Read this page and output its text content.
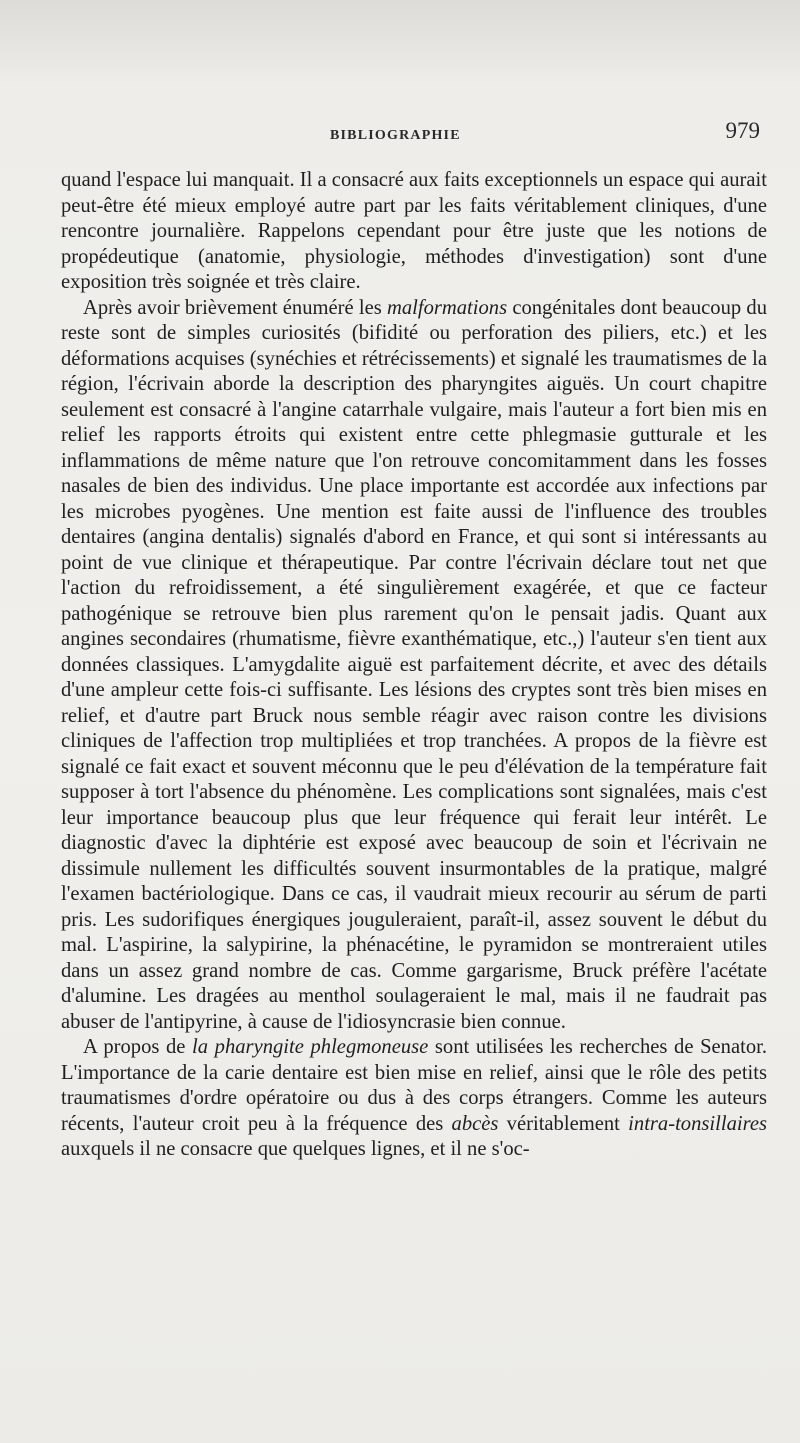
BIBLIOGRAPHIE	979

quand l'espace lui manquait. Il a consacré aux faits exceptionnels un espace qui aurait peut-être été mieux employé autre part par les faits véritablement cliniques, d'une rencontre journalière. Rappelons cependant pour être juste que les notions de propédeutique (anatomie, physiologie, méthodes d'investigation) sont d'une exposition très soignée et très claire.

Après avoir brièvement énuméré les malformations congénitales dont beaucoup du reste sont de simples curiosités (bifidité ou perforation des piliers, etc.) et les déformations acquises (synéchies et rétrécissements) et signalé les traumatismes de la région, l'écrivain aborde la description des pharyngites aiguës. Un court chapitre seulement est consacré à l'angine catarrhale vulgaire, mais l'auteur a fort bien mis en relief les rapports étroits qui existent entre cette phlegmasie gutturale et les inflammations de même nature que l'on retrouve concomitamment dans les fosses nasales de bien des individus. Une place importante est accordée aux infections par les microbes pyogènes. Une mention est faite aussi de l'influence des troubles dentaires (angina dentalis) signalés d'abord en France, et qui sont si intéressants au point de vue clinique et thérapeutique. Par contre l'écrivain déclare tout net que l'action du refroidissement, a été singulièrement exagérée, et que ce facteur pathogénique se retrouve bien plus rarement qu'on le pensait jadis. Quant aux angines secondaires (rhumatisme, fièvre exanthématique, etc.,) l'auteur s'en tient aux données classiques. L'amygdalite aiguë est parfaitement décrite, et avec des détails d'une ampleur cette fois-ci suffisante. Les lésions des cryptes sont très bien mises en relief, et d'autre part Bruck nous semble réagir avec raison contre les divisions cliniques de l'affection trop multipliées et trop tranchées. A propos de la fièvre est signalé ce fait exact et souvent méconnu que le peu d'élévation de la température fait supposer à tort l'absence du phénomène. Les complications sont signalées, mais c'est leur importance beaucoup plus que leur fréquence qui ferait leur intérêt. Le diagnostic d'avec la diphtérie est exposé avec beaucoup de soin et l'écrivain ne dissimule nullement les difficultés souvent insurmontables de la pratique, malgré l'examen bactériologique. Dans ce cas, il vaudrait mieux recourir au sérum de parti pris. Les sudorifiques énergiques jouguleraient, paraît-il, assez souvent le début du mal. L'aspirine, la salypirine, la phénacétine, le pyramidon se montreraient utiles dans un assez grand nombre de cas. Comme gargarisme, Bruck préfère l'acétate d'alumine. Les dragées au menthol soulageraient le mal, mais il ne faudrait pas abuser de l'antipyrine, à cause de l'idiosyncrasie bien connue.

A propos de la pharyngite phlegmoneuse sont utilisées les recherches de Senator. L'importance de la carie dentaire est bien mise en relief, ainsi que le rôle des petits traumatismes d'ordre opératoire ou dus à des corps étrangers. Comme les auteurs récents, l'auteur croit peu à la fréquence des abcès véritablement intra-tonsillaires auxquels il ne consacre que quelques lignes, et il ne s'oc-
